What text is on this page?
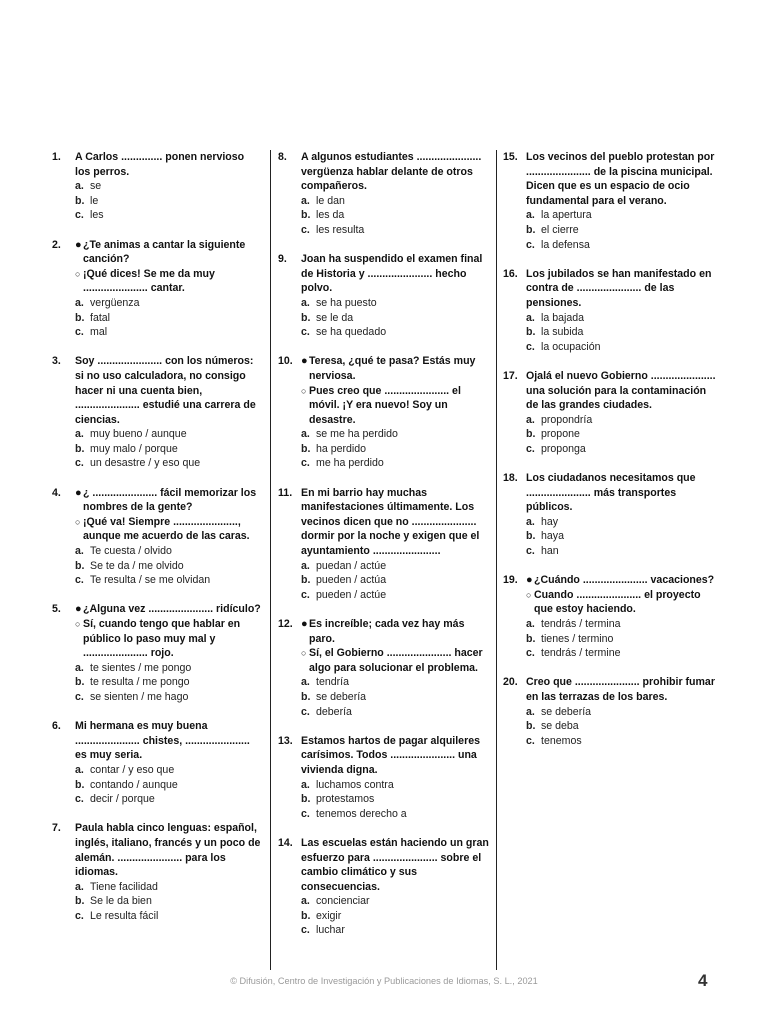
1.	A Carlos .............. ponen nervioso los perros.
a. se
b. le
c. les
2.	● ¿Te animas a cantar la siguiente canción?
○ ¡Qué dices! Se me da muy ...................... cantar.
a. vergüenza
b. fatal
c. mal
3.	Soy ...................... con los números: si no uso calculadora, no consigo hacer ni una cuenta bien, ...................... estudié una carrera de ciencias.
a. muy bueno / aunque
b. muy malo / porque
c. un desastre / y eso que
4.	● ¿ ...................... fácil memorizar los nombres de la gente?
○ ¡Qué va! Siempre ......................, aunque me acuerdo de las caras.
a. Te cuesta / olvido
b. Se te da / me olvido
c. Te resulta / se me olvidan
5.	● ¿Alguna vez ...................... ridículo?
○ Sí, cuando tengo que hablar en público lo paso muy mal y ...................... rojo.
a. te sientes / me pongo
b. te resulta / me pongo
c. se sienten / me hago
6.	Mi hermana es muy buena ...................... chistes, ...................... es muy seria.
a. contar / y eso que
b. contando / aunque
c. decir / porque
7.	Paula habla cinco lenguas: español, inglés, italiano, francés y un poco de alemán. ...................... para los idiomas.
a. Tiene facilidad
b. Se le da bien
c. Le resulta fácil
8.	A algunos estudiantes ...................... vergüenza hablar delante de otros compañeros.
a. le dan
b. les da
c. les resulta
9.	Joan ha suspendido el examen final de Historia y ...................... hecho polvo.
a. se ha puesto
b. se le da
c. se ha quedado
10. ● Teresa, ¿qué te pasa? Estás muy nerviosa.
○ Pues creo que ...................... el móvil. ¡Y era nuevo! Soy un desastre.
a. se me ha perdido
b. ha perdido
c. me ha perdido
11. En mi barrio hay muchas manifestaciones últimamente. Los vecinos dicen que no ...................... dormir por la noche y exigen que el ayuntamiento .......................
a. puedan / actúe
b. pueden / actúa
c. pueden / actúe
12. ● Es increíble; cada vez hay más paro.
○ Sí, el Gobierno ...................... hacer algo para solucionar el problema.
a. tendría
b. se debería
c. debería
13. Estamos hartos de pagar alquileres carísimos. Todos ...................... una vivienda digna.
a. luchamos contra
b. protestamos
c. tenemos derecho a
14. Las escuelas están haciendo un gran esfuerzo para ...................... sobre el cambio climático y sus consecuencias.
a. concienciar
b. exigir
c. luchar
15. Los vecinos del pueblo protestan por ...................... de la piscina municipal. Dicen que es un espacio de ocio fundamental para el verano.
a. la apertura
b. el cierre
c. la defensa
16. Los jubilados se han manifestado en contra de ...................... de las pensiones.
a. la bajada
b. la subida
c. la ocupación
17. Ojalá el nuevo Gobierno ...................... una solución para la contaminación de las grandes ciudades.
a. propondría
b. propone
c. proponga
18. Los ciudadanos necesitamos que ...................... más transportes públicos.
a. hay
b. haya
c. han
19. ● ¿Cuándo ...................... vacaciones?
○ Cuando ...................... el proyecto que estoy haciendo.
a. tendrás / termina
b. tienes / termino
c. tendrás / termine
20. Creo que ...................... prohibir fumar en las terrazas de los bares.
a. se debería
b. se deba
c. tenemos
© Difusión, Centro de Investigación y Publicaciones de Idiomas, S. L., 2021	4
